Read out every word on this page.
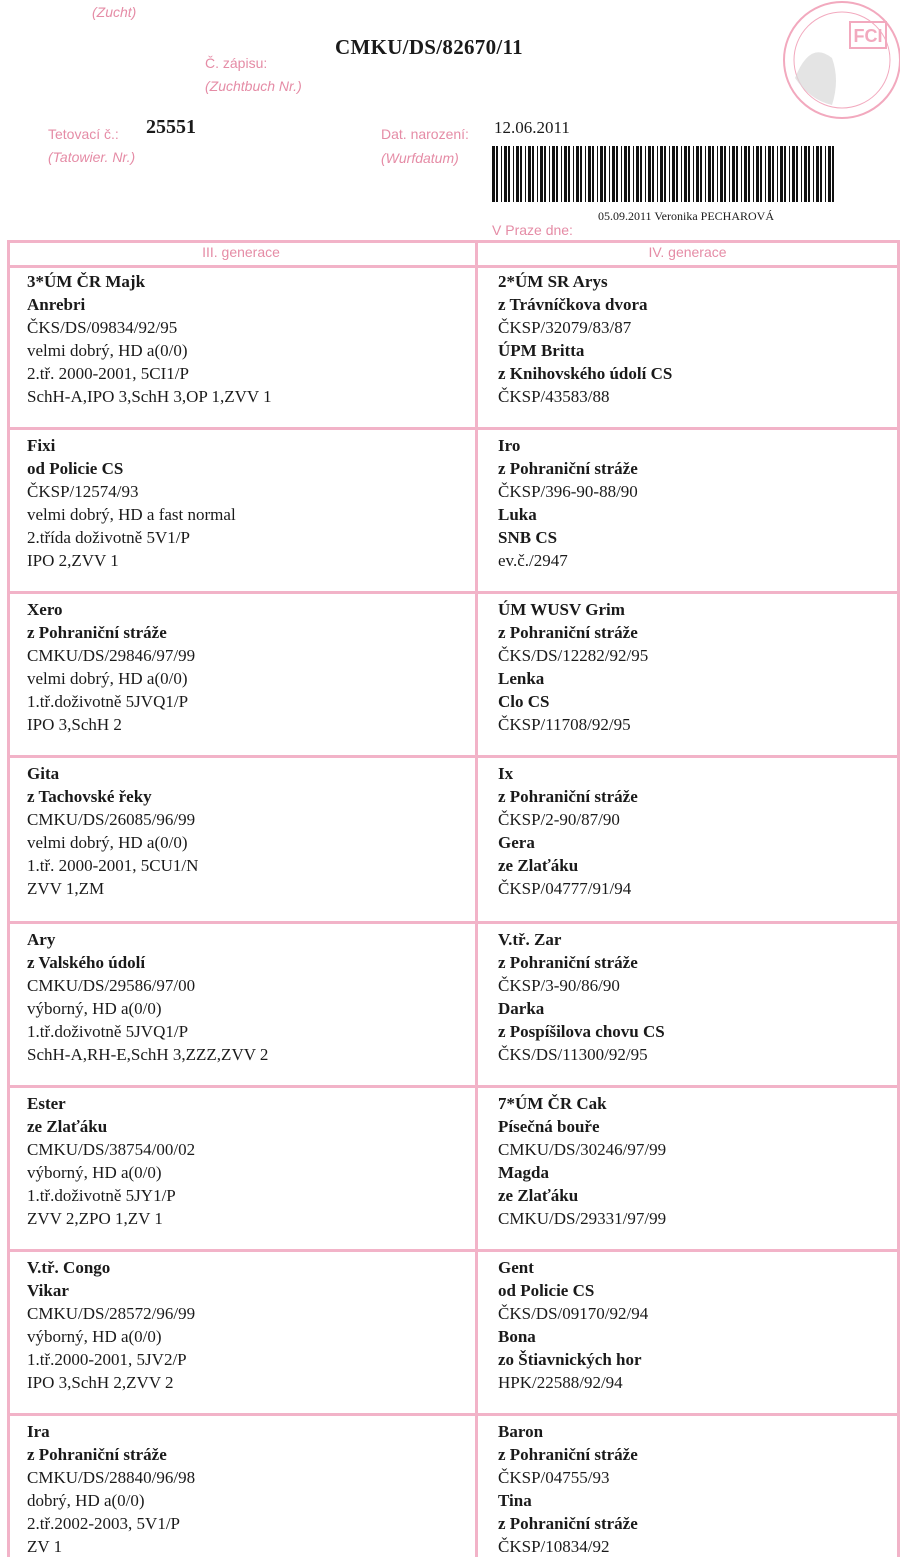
(Zucht)
Č. zápisu:
(Zuchtbuch Nr.)
CMKU/DS/82670/11
Tetovací č.:
(Tatowier. Nr.)
25551	Dat. narození:
(Wurfdatum)
12.06.2011
05.09.2011 Veronika PECHAROVÁ
V Praze dne:
FCI
III. generace	IV. generace
3*ÚM ČR Majk
Anrebri
ČKS/DS/09834/92/95
velmi dobrý, HD a(0/0)
2.tř. 2000-2001, 5CI1/P
SchH-A,IPO 3,SchH 3,OP 1,ZVV 1
2*ÚM SR Arys
z Trávníčkova dvora
ČKSP/32079/83/87
ÚPM Britta
z Knihovského údolí CS
ČKSP/43583/88
Fixi
od Policie CS
ČKSP/12574/93
velmi dobrý, HD a fast normal
2.třída doživotně 5V1/P
IPO 2,ZVV 1
Iro
z Pohraniční stráže
ČKSP/396-90-88/90
Luka
SNB CS
ev.č./2947
Xero
z Pohraniční stráže
CMKU/DS/29846/97/99
velmi dobrý, HD a(0/0)
1.tř.doživotně 5JVQ1/P
IPO 3,SchH 2
ÚM WUSV Grim
z Pohraniční stráže
ČKS/DS/12282/92/95
Lenka
Clo CS
ČKSP/11708/92/95
Gita
z Tachovské řeky
CMKU/DS/26085/96/99
velmi dobrý, HD a(0/0)
1.tř. 2000-2001, 5CU1/N
ZVV 1,ZM
Ix
z Pohraniční stráže
ČKSP/2-90/87/90
Gera
ze Zlaťáku
ČKSP/04777/91/94
Ary
z Valského údolí
CMKU/DS/29586/97/00
výborný, HD a(0/0)
1.tř.doživotně 5JVQ1/P
SchH-A,RH-E,SchH 3,ZZZ,ZVV 2
V.tř. Zar
z Pohraniční stráže
ČKSP/3-90/86/90
Darka
z Pospíšilova chovu CS
ČKS/DS/11300/92/95
Ester
ze Zlaťáku
CMKU/DS/38754/00/02
výborný, HD a(0/0)
1.tř.doživotně 5JY1/P
ZVV 2,ZPO 1,ZV 1
7*ÚM ČR Cak
Písečná bouře
CMKU/DS/30246/97/99
Magda
ze Zlaťáku
CMKU/DS/29331/97/99
V.tř. Congo
Vikar
CMKU/DS/28572/96/99
výborný, HD a(0/0)
1.tř.2000-2001, 5JV2/P
IPO 3,SchH 2,ZVV 2
Gent
od Policie CS
ČKS/DS/09170/92/94
Bona
zo Štiavnických hor
HPK/22588/92/94
Ira
z Pohraniční stráže
CMKU/DS/28840/96/98
dobrý, HD a(0/0)
2.tř.2002-2003, 5V1/P
ZV 1
Baron
z Pohraniční stráže
ČKSP/04755/93
Tina
z Pohraniční stráže
ČKSP/10834/92
